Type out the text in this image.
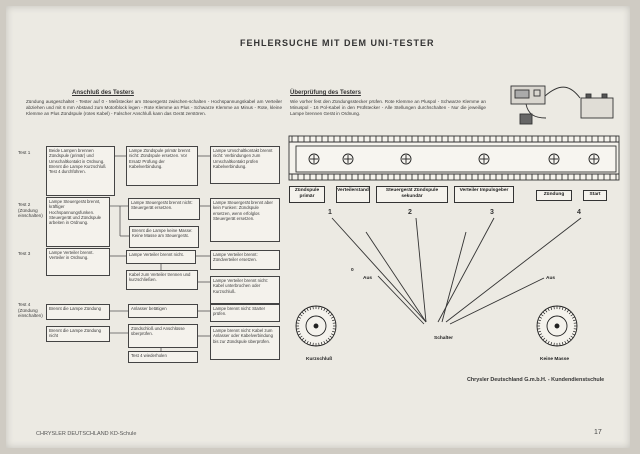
FEHLERSUCHE MIT DEM UNI-TESTER
Anschluß des Testers
Zündung ausgeschaltet - Tester auf 0 - Meßstecker am Steuergerät zwischen-schalten - Hochspannungskabel am Verteiler abziehen und mit 6 mm Abstand zum Motorblock legen - Rote Klemme an Plus - Schwarze Klemme an Minus - Rote, kleine Klemme an Plus Zündspule (rotes Kabel) - Falscher Anschluß kann das Gerät zerstören.
Test 1
Test 2 (Zündung einschalten)
Test 3
Test 4 (Zündung einschalten)
Beide Lampen brennen Zündspule (primär) und Umschaltkontakt in Ordnung. Brennt die Lampe Kurzschluß Test 4 durchführen.
Lampe Zündspule primär brennt nicht: Zündspule ersetzen. Vor Ersatz Prüfung der Kabelverbindung.
Lampe Umschaltkontakt brennt nicht: Verbindungen zum Umschaltkontakt prüfen Kabelverbindung.
Lampe Steuergerät brennt, kräftiger Hochspannungsfunken. Steuergerät und Zündspule arbeiten in Ordnung.
Lampe Steuergerät brennt nicht: Steuergerät ersetzen.
Lampe Steuergerät brennt aber kein Funken: Zündspule ersetzen, wenn erfolglos Steuergerät ersetzen.
Brennt die Lampe keine Masse: Keine Masse am Steuergerät.
Lampe Verteiler brennt. Verteiler in Ordnung.
Lampe Verteiler brennt nicht.	Lampe Verteiler brennt: Zündverteiler ersetzen.
Kabel zum Verteiler trennen und kurzschließen.	Lampe Verteiler brennt nicht: Kabel unterbrochen oder Kurzschluß.
Brennt die Lampe Zündung
Brennt die Lampe Zündung nicht
Anlasser betätigen	Lampe brennt nicht: Starter prüfen.
Zündschloß und Anschlüsse überprüfen.
Lampe brennt nicht: Kabel zum Anlasser oder Kabelverbindung bis zur Zündspule überprüfen.
Test 4 wiederholen
Überprüfung des Testers
Wie vorher fest den Zündungsstecker prüfen. Rote Klemme an Pluspol - Schwarze Klemme an Minuspol - 16 Pol-Kabel in den Prüfstecker - Alle Stellungen durchschalten - Nur die jeweilige Lampe brennen Gerät in Ordnung.
Zündspule primär
Verteilerstand	Steuergerät Zündspule sekundär
Verteiler Impulsgeber
Zündung	Start
1	2	3	4
0
Aus	Aus
Schalter
Kurzschluß	Keine Masse
Chrysler Deutschland G.m.b.H. - Kundendienstschule
CHRYSLER DEUTSCHLAND KD-Schule	17
